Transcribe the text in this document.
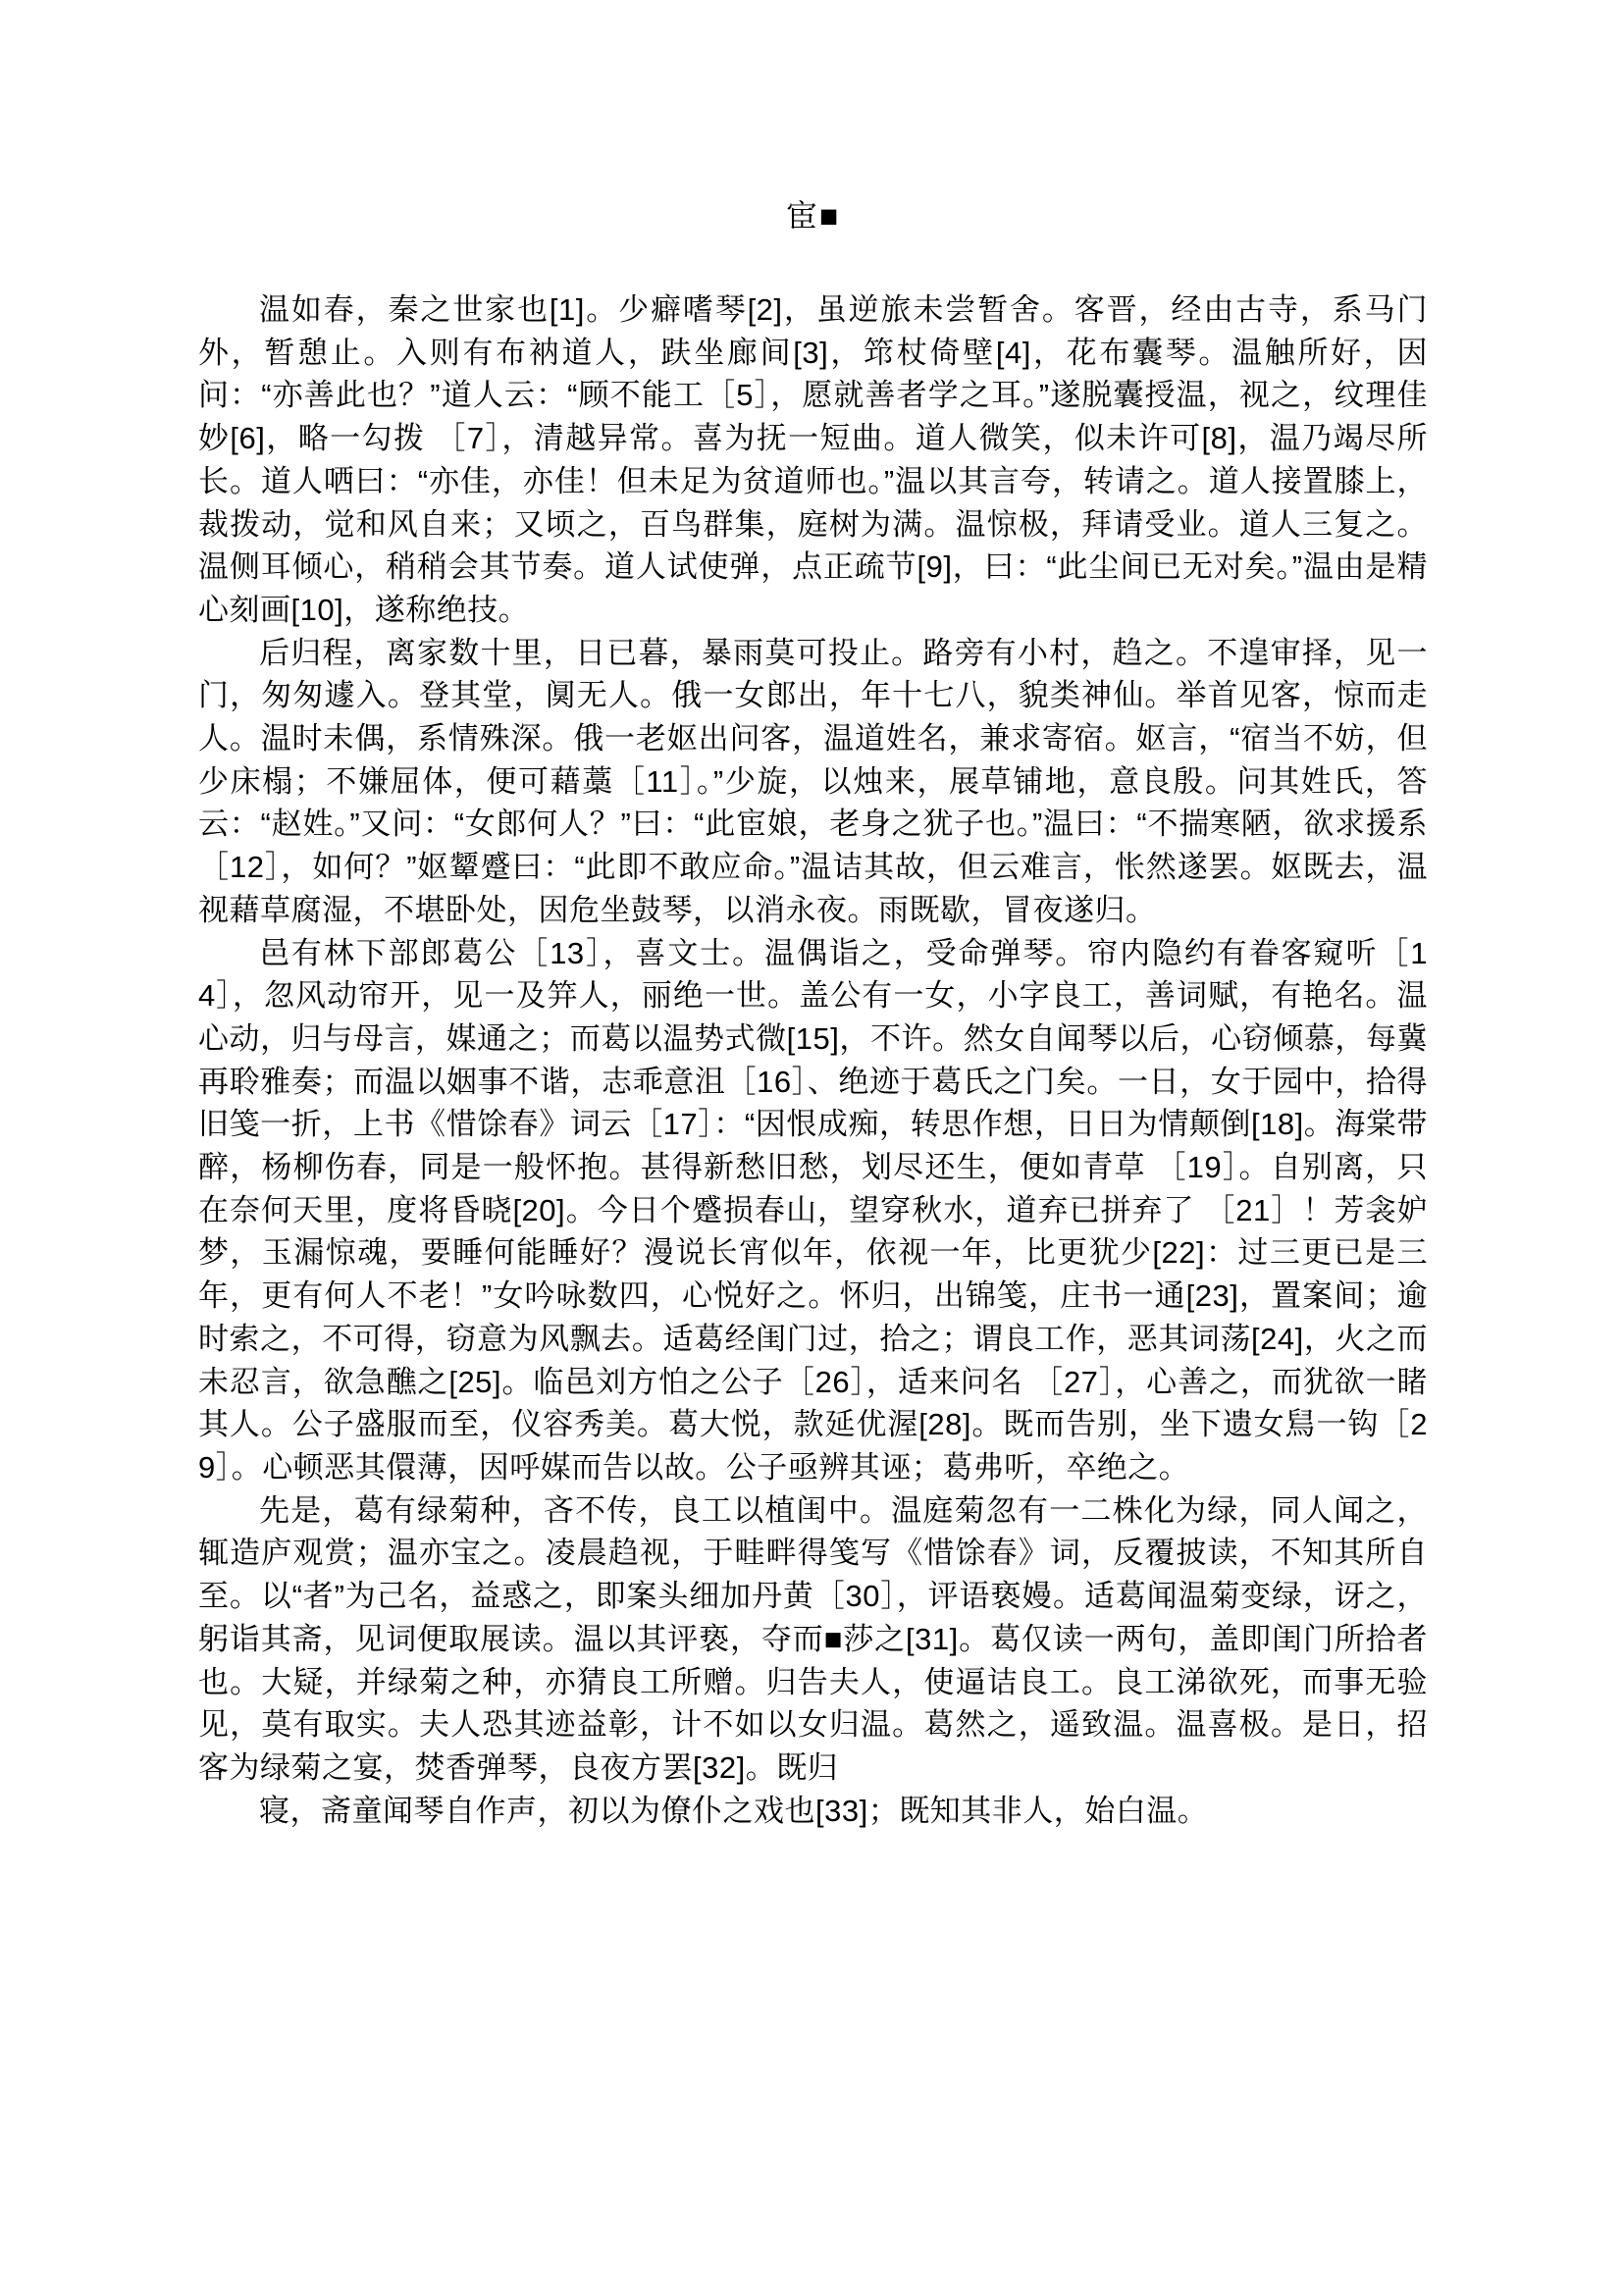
宦■

温如春，秦之世家也[1]。少癖嗜琴[2]，虽逆旅未尝暂舍。客晋，经由古寺，系马门外，暂憩止。入则有布衲道人，趺坐廊间[3]，筇杖倚壁[4]，花布囊琴。温触所好，因问：“亦善此也？”道人云：“顾不能工［5］，愿就善者学之耳。”遂脱囊授温，视之，纹理佳妙[6]，略一勾拨 ［7］，清越异常。喜为抚一短曲。道人微笑，似未许可[8]，温乃竭尽所长。道人哂曰：“亦佳，亦佳！但未足为贫道师也。”温以其言夸，转请之。道人接置膝上，裁拨动，觉和风自来；又顷之，百鸟群集，庭树为满。温惊极，拜请受业。道人三复之。温侧耳倾心，稍稍会其节奏。道人试使弹，点正疏节[9]，曰：“此尘间已无对矣。”温由是精心刻画[10]，遂称绝技。

后归程，离家数十里，日已暮，暴雨莫可投止。路旁有小村，趋之。不遑审择，见一门，匆匆遽入。登其堂，阒无人。俄一女郎出，年十七八，貌类神仙。举首见客，惊而走人。温时未偶，系情殊深。俄一老妪出问客，温道姓名，兼求寄宿。妪言，“宿当不妨，但少床榻；不嫌屈体，便可藉藁［11］。”少旋，以烛来，展草铺地，意良殷。问其姓氏，答云：“赵姓。”又问：“女郎何人？”曰：“此宦娘，老身之犹子也。”温曰：“不揣寒陋，欲求援系［12］，如何？”妪颦蹙曰：“此即不敢应命。”温诘其故，但云难言，怅然遂罢。妪既去，温视藉草腐湿，不堪卧处，因危坐鼓琴，以消永夜。雨既歇，冒夜遂归。

邑有林下部郎葛公［13］，喜文士。温偶诣之，受命弹琴。帘内隐约有眷客窥听［14］，忽风动帘开，见一及笄人，丽绝一世。盖公有一女，小字良工，善词赋，有艳名。温心动，归与母言，媒通之；而葛以温势式微[15]，不许。然女自闻琴以后，心窃倾慕，每冀再聆雅奏；而温以姻事不谐，志乖意沮［16］、绝迹于葛氏之门矣。一日，女于园中，拾得旧笺一折，上书《惜馀春》词云［17］：“因恨成痴，转思作想，日日为情颠倒[18]。海棠带醉，杨柳伤春，同是一般怀抱。甚得新愁旧愁，划尽还生，便如青草 ［19］。自别离，只在奈何天里，度将昏晓[20]。今日个蹙损春山，望穿秋水，道弃已拼弃了 ［21］！芳衾妒梦，玉漏惊魂，要睡何能睡好？漫说长宵似年，依视一年，比更犹少[22]：过三更已是三年，更有何人不老！”女吟咏数四，心悦好之。怀归，出锦笺，庄书一通[23]，置案间；逾时索之，不可得，窃意为风飘去。适葛经闺门过，拾之；谓良工作，恶其词荡[24]，火之而未忍言，欲急醮之[25]。临邑刘方怕之公子［26］，适来问名 ［27］，心善之，而犹欲一睹其人。公子盛服而至，仪容秀美。葛大悦，款延优渥[28]。既而告别，坐下遗女舃一钩［29］。心顿恶其儇薄，因呼媒而告以故。公子亟辨其诬；葛弗听，卒绝之。

先是，葛有绿菊种，吝不传，良工以植闺中。温庭菊忽有一二株化为绿，同人闻之，辄造庐观赏；温亦宝之。凌晨趋视，于畦畔得笺写《惜馀春》词，反覆披读，不知其所自至。以“者”为己名，益惑之，即案头细加丹黄［30］，评语亵嫚。适葛闻温菊变绿，讶之，躬诣其斋，见词便取展读。温以其评亵，夺而■莎之[31]。葛仅读一两句，盖即闺门所拾者也。大疑，并绿菊之种，亦猜良工所赠。归告夫人，使逼诘良工。良工涕欲死，而事无验见，莫有取实。夫人恐其迹益彰，计不如以女归温。葛然之，遥致温。温喜极。是日，招客为绿菊之宴，焚香弹琴，良夜方罢[32]。既归

寝，斋童闻琴自作声，初以为僚仆之戏也[33]；既知其非人，始白温。
